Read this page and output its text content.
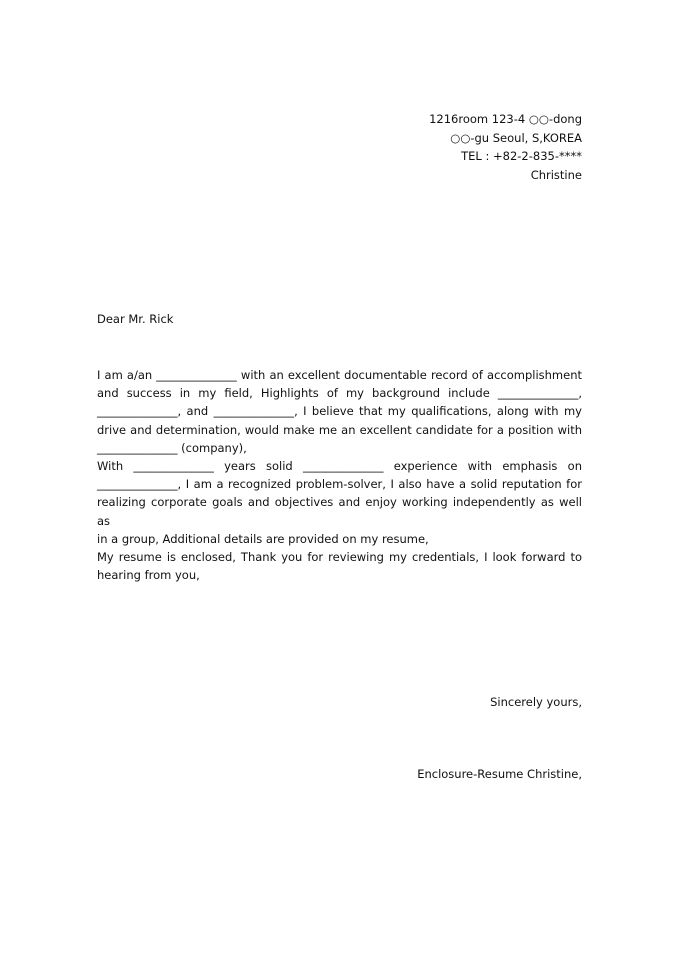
1216room 123-4 ○○-dong
○○-gu Seoul, S,KOREA
TEL : +82-2-835-****
Christine
Dear Mr. Rick
I am a/an ______________ with an excellent documentable record of accomplishment
and success in my field, Highlights of my background include ______________,
______________, and ______________, I believe that my qualifications, along with my
drive and determination, would make me an excellent candidate for a position with
______________ (company),
With ______________ years solid ______________ experience with emphasis on
______________, I am a recognized problem-solver, I also have a solid reputation for
realizing corporate goals and objectives and enjoy working independently as well as
in a group, Additional details are provided on my resume,
My resume is enclosed, Thank you for reviewing my credentials, I look forward to
hearing from you,
Sincerely yours,
Enclosure-Resume Christine,
